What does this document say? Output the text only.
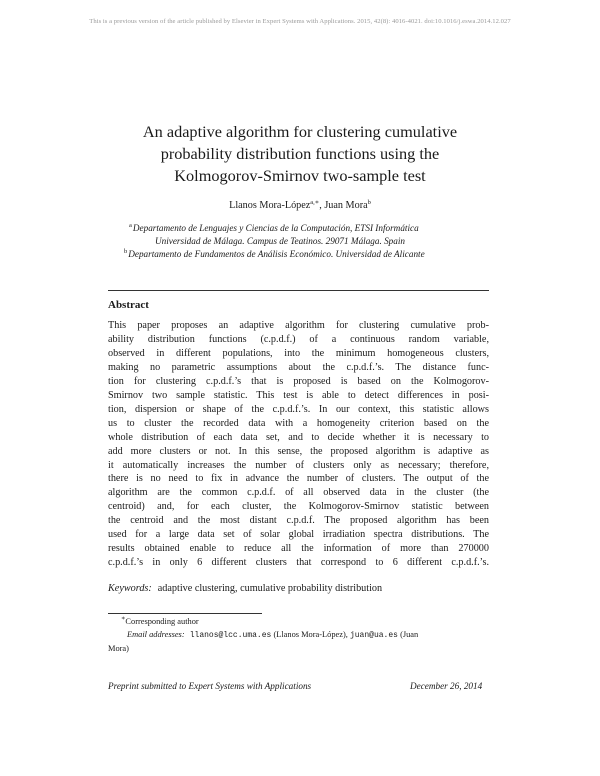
This is a previous version of the article published by Elsevier in Expert Systems with Applications. 2015, 42(8): 4016-4021. doi:10.1016/j.eswa.2014.12.027
An adaptive algorithm for clustering cumulative
probability distribution functions using the
Kolmogorov-Smirnov two-sample test
Llanos Mora-López$^{a,∗}$, Juan Mora$^b$
$^a$Departamento de Lenguajes y Ciencias de la Computación, ETSI Informática
Universidad de Málaga. Campus de Teatinos. 29071 Málaga. Spain
$^b$Departamento de Fundamentos de Análisis Económico. Universidad de Alicante
Abstract
This paper proposes an adaptive algorithm for clustering cumulative prob-
ability distribution functions (c.p.d.f.) of a continuous random variable,
observed in different populations, into the minimum homogeneous clusters,
making no parametric assumptions about the c.p.d.f.’s. The distance func-
tion for clustering c.p.d.f.’s that is proposed is based on the Kolmogorov-
Smirnov two sample statistic. This test is able to detect differences in posi-
tion, dispersion or shape of the c.p.d.f.’s. In our context, this statistic allows
us to cluster the recorded data with a homogeneity criterion based on the
whole distribution of each data set, and to decide whether it is necessary to
add more clusters or not. In this sense, the proposed algorithm is adaptive as
it automatically increases the number of clusters only as necessary; therefore,
there is no need to fix in advance the number of clusters. The output of the
algorithm are the common c.p.d.f. of all observed data in the cluster (the
centroid) and, for each cluster, the Kolmogorov-Smirnov statistic between
the centroid and the most distant c.p.d.f. The proposed algorithm has been
used for a large data set of solar global irradiation spectra distributions. The
results obtained enable to reduce all the information of more than 270000
c.p.d.f.’s in only 6 different clusters that correspond to 6 different c.p.d.f.’s.
Keywords: adaptive clustering, cumulative probability distribution
∗Corresponding author
Email addresses: llanos@lcc.uma.es (Llanos Mora-López), juan@ua.es (Juan
Mora)
Preprint submitted to Expert Systems with Applications	December 26, 2014
